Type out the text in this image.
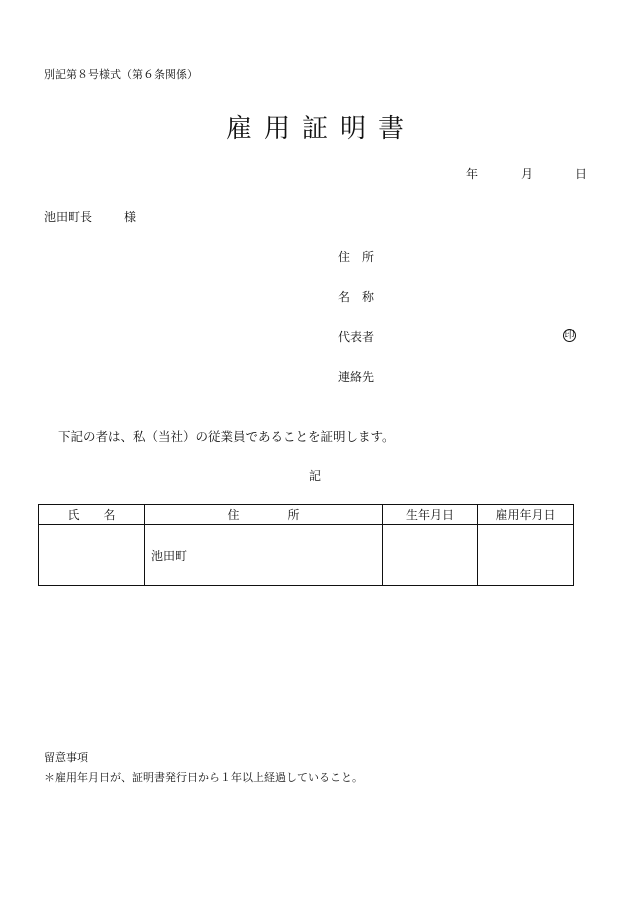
別記第８号様式（第６条関係）
雇用証明書
年	月	日
池田町長	様
住　所
名　称
代表者	印
連絡先
下記の者は、私（当社）の従業員であることを証明します。
記
氏　　名	住　　　　所	生年月日	雇用年月日
	池田町		
留意事項
＊雇用年月日が、証明書発行日から１年以上経過していること。
